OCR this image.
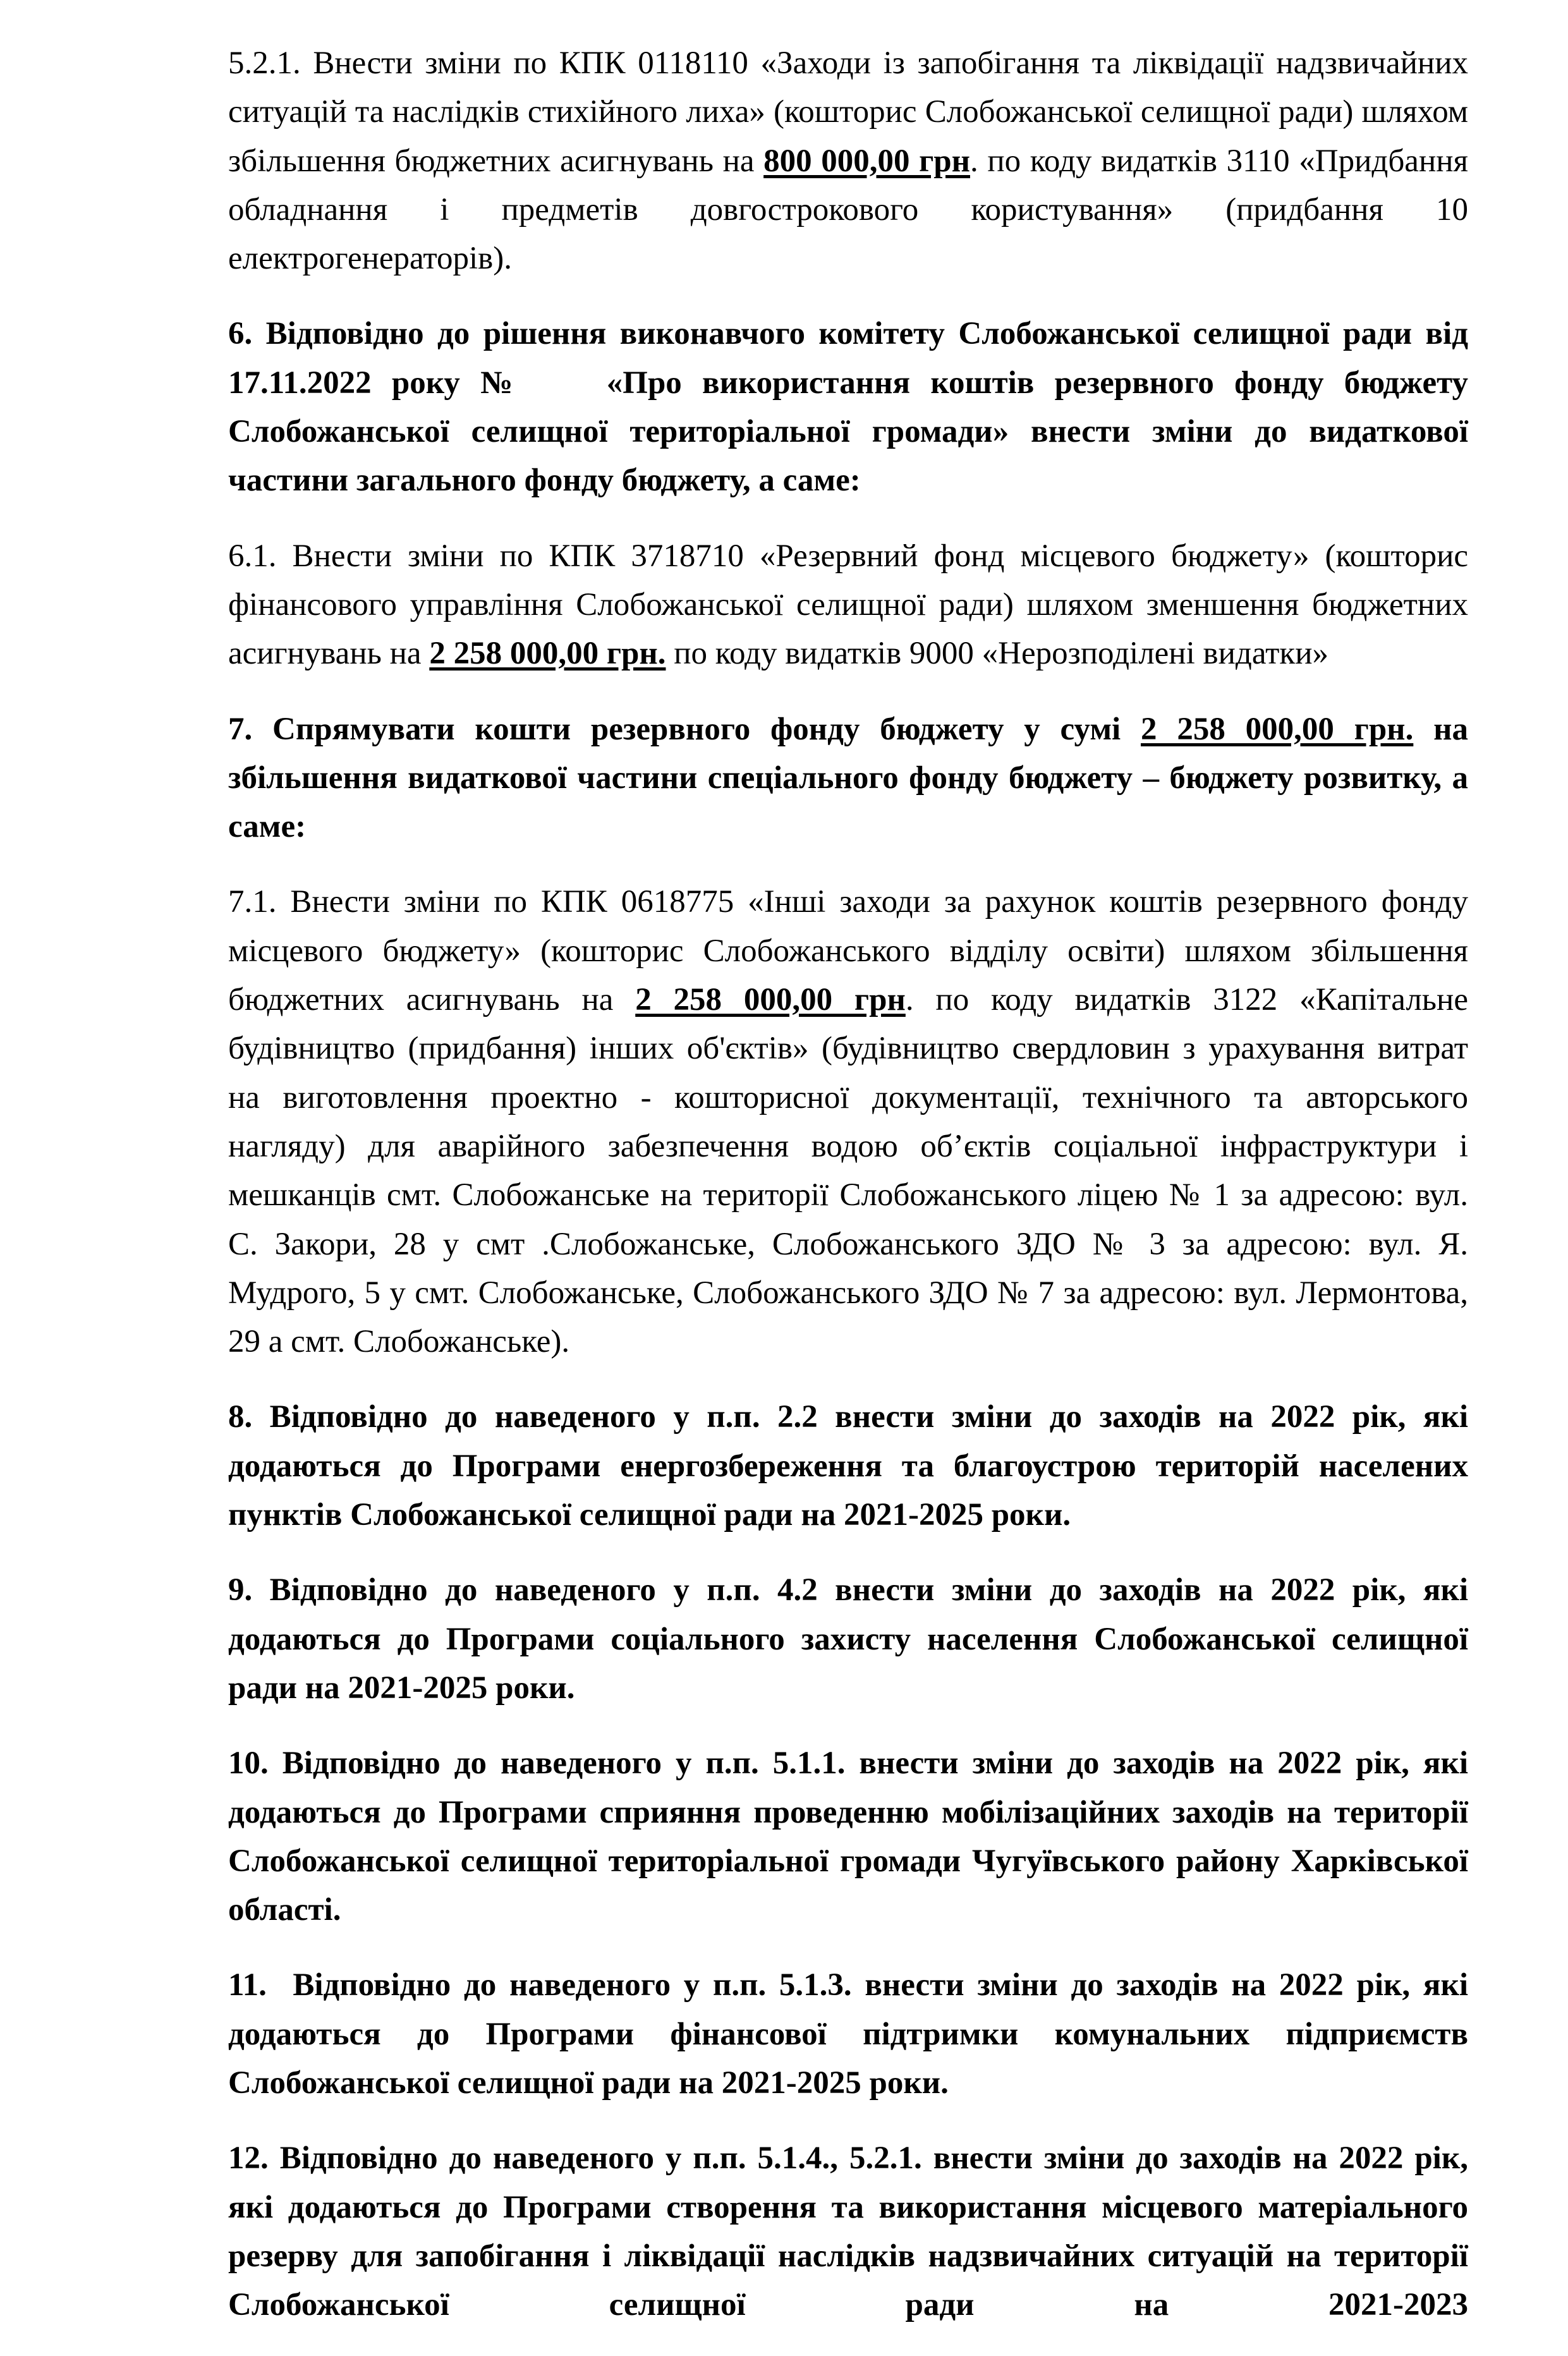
5.2.1. Внести зміни по КПК 0118110 «Заходи із запобігання та ліквідації надзвичайних ситуацій та наслідків стихійного лиха» (кошторис Слобожанської селищної ради) шляхом збільшення бюджетних асигнувань на 800 000,00 грн. по коду видатків 3110 «Придбання обладнання і предметів довгострокового користування» (придбання 10 електрогенераторів).

6. Відповідно до рішення виконавчого комітету Слобожанської селищної ради від 17.11.2022 року №    «Про використання коштів резервного фонду бюджету Слобожанської селищної територіальної громади» внести зміни до видаткової частини загального фонду бюджету, а саме:

6.1. Внести зміни по КПК 3718710 «Резервний фонд місцевого бюджету» (кошторис фінансового управління Слобожанської селищної ради) шляхом зменшення бюджетних асигнувань на 2 258 000,00 грн. по коду видатків 9000 «Нерозподілені видатки»

7. Спрямувати кошти резервного фонду бюджету у сумі 2 258 000,00 грн. на збільшення видаткової частини спеціального фонду бюджету – бюджету розвитку, а саме:

7.1. Внести зміни по КПК 0618775 «Інші заходи за рахунок коштів резервного фонду місцевого бюджету» (кошторис Слобожанського відділу освіти) шляхом збільшення бюджетних асигнувань на 2 258 000,00 грн. по коду видатків 3122 «Капітальне будівництво (придбання) інших об'єктів» (будівництво свердловин з урахування витрат на виготовлення проектно - кошторисної документації, технічного та авторського нагляду) для аварійного забезпечення водою об’єктів соціальної інфраструктури і мешканців смт. Слобожанське на території Слобожанського ліцею № 1 за адресою: вул. С. Закори, 28 у смт .Слобожанське, Слобожанського ЗДО № 3 за адресою: вул. Я. Мудрого, 5 у смт. Слобожанське, Слобожанського ЗДО № 7 за адресою: вул. Лермонтова, 29 а смт. Слобожанське).

8. Відповідно до наведеного у п.п. 2.2 внести зміни до заходів на 2022 рік, які додаються до Програми енергозбереження та благоустрою територій населених пунктів Слобожанської селищної ради на 2021-2025 роки.

9. Відповідно до наведеного у п.п. 4.2 внести зміни до заходів на 2022 рік, які додаються до Програми соціального захисту населення Слобожанської селищної ради на 2021-2025 роки.

10. Відповідно до наведеного у п.п. 5.1.1. внести зміни до заходів на 2022 рік, які додаються до Програми сприяння проведенню мобілізаційних заходів на території Слобожанської селищної територіальної громади Чугуївського району Харківської області.

11.  Відповідно до наведеного у п.п. 5.1.3. внести зміни до заходів на 2022 рік, які додаються до Програми фінансової підтримки комунальних підприємств Слобожанської селищної ради на 2021-2025 роки.

12. Відповідно до наведеного у п.п. 5.1.4., 5.2.1. внести зміни до заходів на 2022 рік, які додаються до Програми створення та використання місцевого матеріального резерву для запобігання і ліквідації наслідків надзвичайних ситуацій на території Слобожанської селищної ради на 2021-2023
